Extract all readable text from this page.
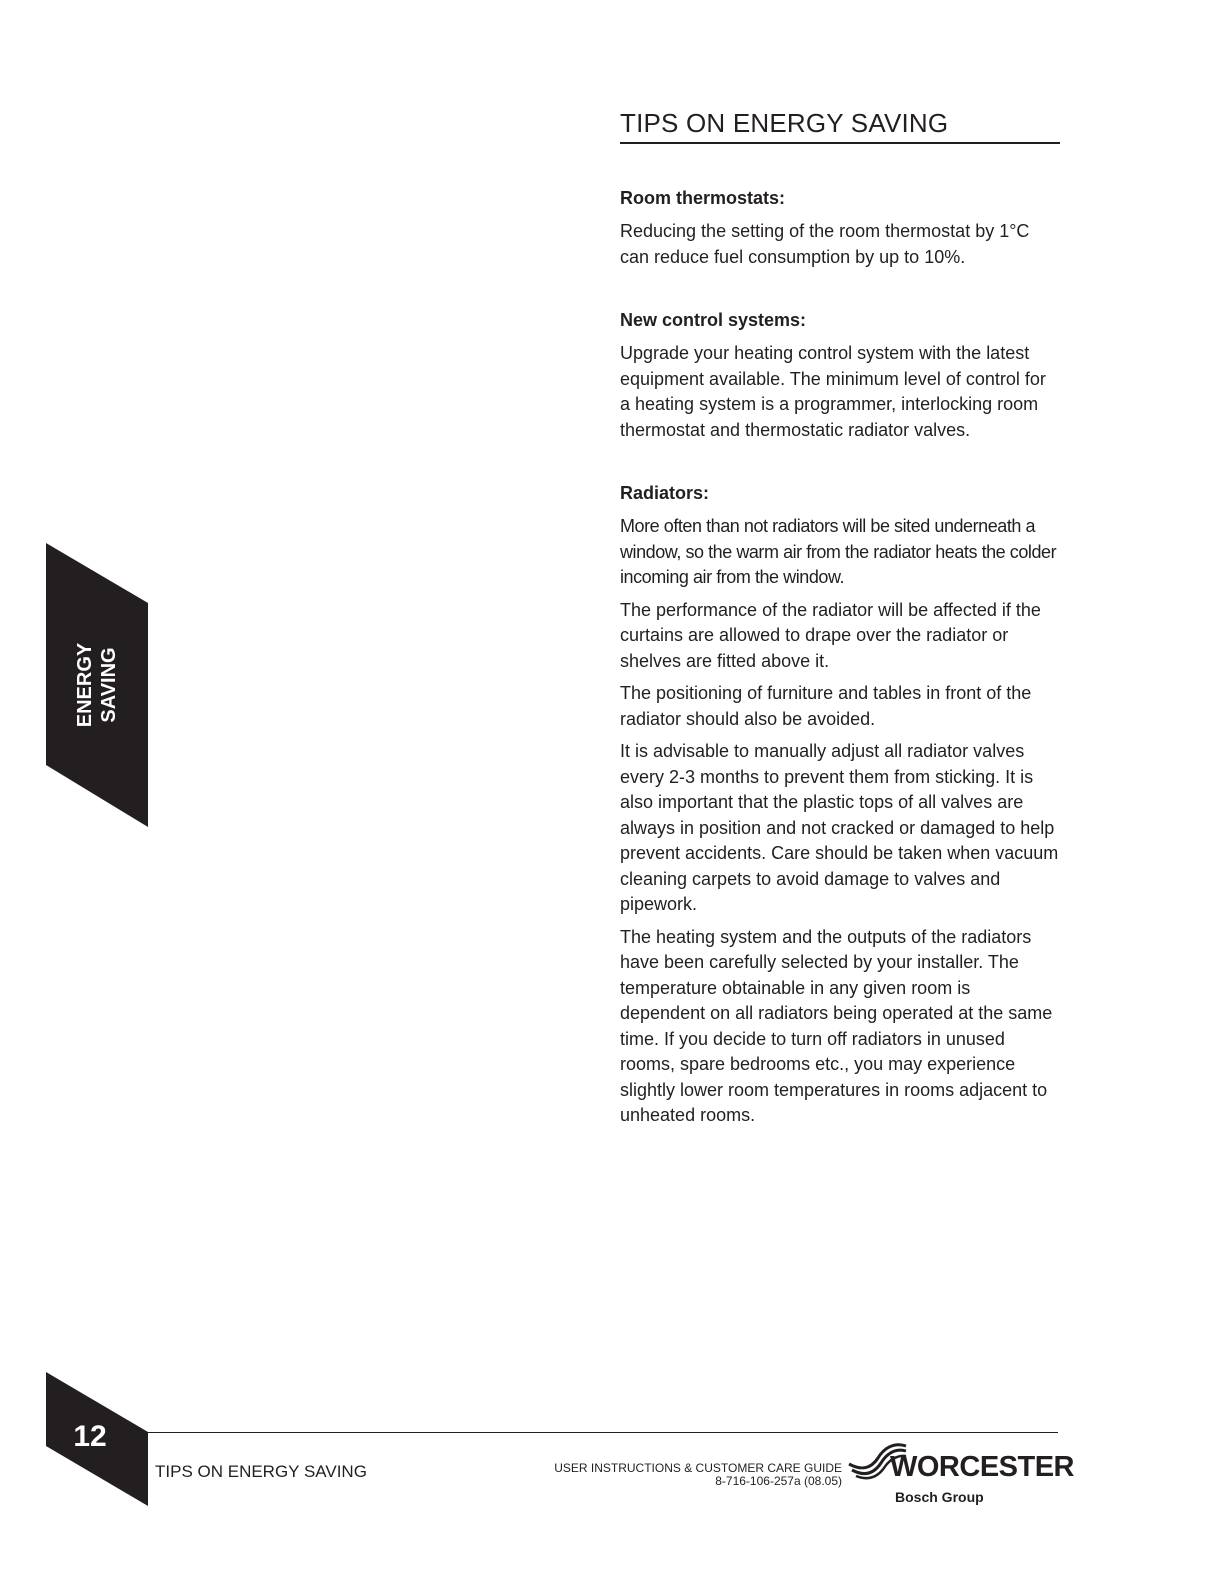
TIPS ON ENERGY SAVING
Room thermostats:

Reducing the setting of the room thermostat by 1°C can reduce fuel consumption by up to 10%.

New control systems:

Upgrade your heating control system with the latest equipment available. The minimum level of control for a heating system is a programmer, interlocking room thermostat and thermostatic radiator valves.

Radiators:

More often than not radiators will be sited underneath a window, so the warm air from the radiator heats the colder incoming air from the window.

The performance of the radiator will be affected if the curtains are allowed to drape over the radiator or shelves are fitted above it.

The positioning of furniture and tables in front of the radiator should also be avoided.

It is advisable to manually adjust all radiator valves every 2-3 months to prevent them from sticking. It is also important that the plastic tops of all valves are always in position and not cracked or damaged to help prevent accidents. Care should be taken when vacuum cleaning carpets to avoid damage to valves and pipework.

The heating system and the outputs of the radiators have been carefully selected by your installer. The temperature obtainable in any given room is dependent on all radiators being operated at the same time. If you decide to turn off radiators in unused rooms, spare bedrooms etc., you may experience slightly lower room temperatures in rooms adjacent to unheated rooms.

ENERGY SAVING
12
TIPS ON ENERGY SAVING	USER INSTRUCTIONS & CUSTOMER CARE GUIDE
8-716-106-257a (08.05) WORCESTER
Bosch Group
